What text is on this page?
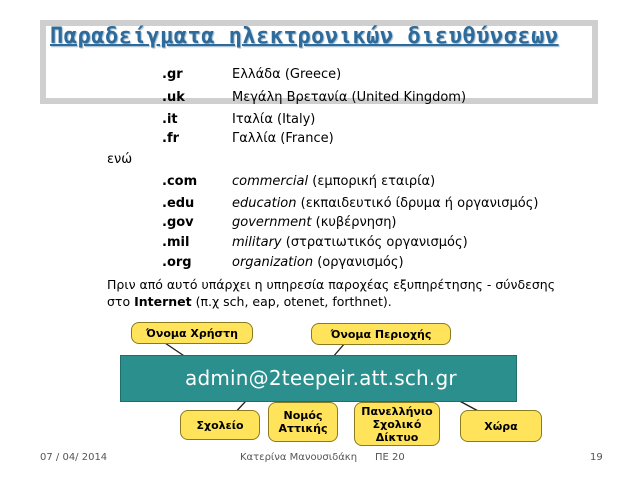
Παραδείγματα ηλεκτρονικών διευθύνσεων
.gr	Ελλάδα (Greece)
.uk	Μεγάλη Βρετανία (United Kingdom)
.it	Ιταλία (Italy)
.fr	Γαλλία (France)
ενώ
.com	commercial (εμπορική εταιρία)
.edu	education (εκπαιδευτικό ίδρυμα ή οργανισμός)
.gov	government (κυβέρνηση)
.mil	military (στρατιωτικός οργανισμός)
.org	organization (οργανισμός)
Πριν από αυτό υπάρχει η υπηρεσία παροχέας εξυπηρέτησης - σύνδεσης στο Internet (π.χ sch, eap, otenet, forthnet).
admin@2teepeir.att.sch.gr
Όνομα Χρήστη	Όνομα Περιοχής
Σχολείο
Νομός Αττικής
Πανελλήνιο Σχολικό Δίκτυο
Χώρα
07 / 04/ 2014	Κατερίνα Μανουσιδάκη ΠΕ 20	19
